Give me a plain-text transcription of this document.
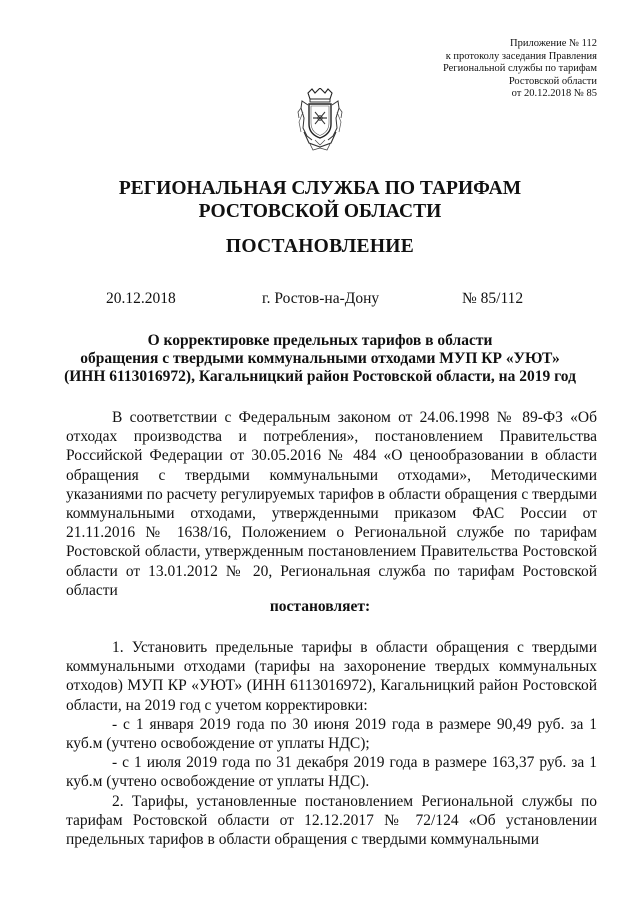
Приложение № 112
к протоколу заседания Правления
Региональной службы по тарифам
Ростовской области
от 20.12.2018 № 85
РЕГИОНАЛЬНАЯ СЛУЖБА ПО ТАРИФАМ
РОСТОВСКОЙ ОБЛАСТИ
ПОСТАНОВЛЕНИЕ
20.12.2018	г. Ростов-на-Дону	№ 85/112
О корректировке предельных тарифов в области
обращения с твердыми коммунальными отходами МУП КР «УЮТ»
(ИНН 6113016972), Кагальницкий район Ростовской области, на 2019 год

В соответствии с Федеральным законом от 24.06.1998 № 89-ФЗ «Об отходах производства и потребления», постановлением Правительства Российской Федерации от 30.05.2016 № 484 «О ценообразовании в области обращения с твердыми коммунальными отходами», Методическими указаниями по расчету регулируемых тарифов в области обращения с твердыми коммунальными отходами, утвержденными приказом ФАС России от 21.11.2016 № 1638/16, Положением о Региональной службе по тарифам Ростовской области, утвержденным постановлением Правительства Ростовской области от 13.01.2012 № 20, Региональная служба по тарифам Ростовской области

постановляет:

1. Установить предельные тарифы в области обращения с твердыми коммунальными отходами (тарифы на захоронение твердых коммунальных отходов) МУП КР «УЮТ» (ИНН 6113016972), Кагальницкий район Ростовской области, на 2019 год с учетом корректировки:

- с 1 января 2019 года по 30 июня 2019 года в размере 90,49 руб. за 1 куб.м (учтено освобождение от уплаты НДС);

- с 1 июля 2019 года по 31 декабря 2019 года в размере 163,37 руб. за 1 куб.м (учтено освобождение от уплаты НДС).

2. Тарифы, установленные постановлением Региональной службы по тарифам Ростовской области от 12.12.2017 № 72/124 «Об установлении предельных тарифов в области обращения с твердыми коммунальными
